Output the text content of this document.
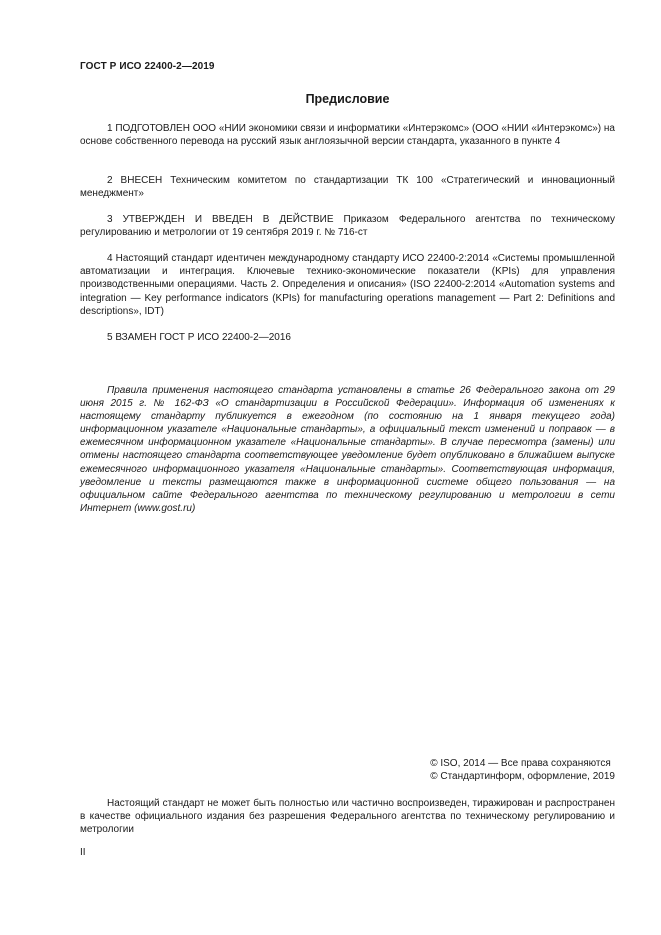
ГОСТ Р ИСО 22400-2—2019
Предисловие

1 ПОДГОТОВЛЕН ООО «НИИ экономики связи и информатики «Интерэкомс» (ООО «НИИ «Интерэкомс») на основе собственного перевода на русский язык англоязычной версии стандарта, указанного в пункте 4

2 ВНЕСЕН Техническим комитетом по стандартизации ТК 100 «Стратегический и инновационный менеджмент»

3 УТВЕРЖДЕН И ВВЕДЕН В ДЕЙСТВИЕ Приказом Федерального агентства по техническому регулированию и метрологии от 19 сентября 2019 г. № 716-ст

4 Настоящий стандарт идентичен международному стандарту ИСО 22400-2:2014 «Системы промышленной автоматизации и интеграция. Ключевые технико-экономические показатели (KPIs) для управления производственными операциями. Часть 2. Определения и описания» (ISO 22400-2:2014 «Automation systems and integration — Key performance indicators (KPIs) for manufacturing operations management — Part 2: Definitions and descriptions», IDT)

5 ВЗАМЕН ГОСТ Р ИСО 22400-2—2016

Правила применения настоящего стандарта установлены в статье 26 Федерального закона от 29 июня 2015 г. № 162-ФЗ «О стандартизации в Российской Федерации». Информация об изменениях к настоящему стандарту публикуется в ежегодном (по состоянию на 1 января текущего года) информационном указателе «Национальные стандарты», а официальный текст изменений и поправок — в ежемесячном информационном указателе «Национальные стандарты». В случае пересмотра (замены) или отмены настоящего стандарта соответствующее уведомление будет опубликовано в ближайшем выпуске ежемесячного информационного указателя «Национальные стандарты». Соответствующая информация, уведомление и тексты размещаются также в информационной системе общего пользования — на официальном сайте Федерального агентства по техническому регулированию и метрологии в сети Интернет (www.gost.ru)

© ISO, 2014 — Все права сохраняются
© Стандартинформ, оформление, 2019

Настоящий стандарт не может быть полностью или частично воспроизведен, тиражирован и распространен в качестве официального издания без разрешения Федерального агентства по техническому регулированию и метрологии

II
